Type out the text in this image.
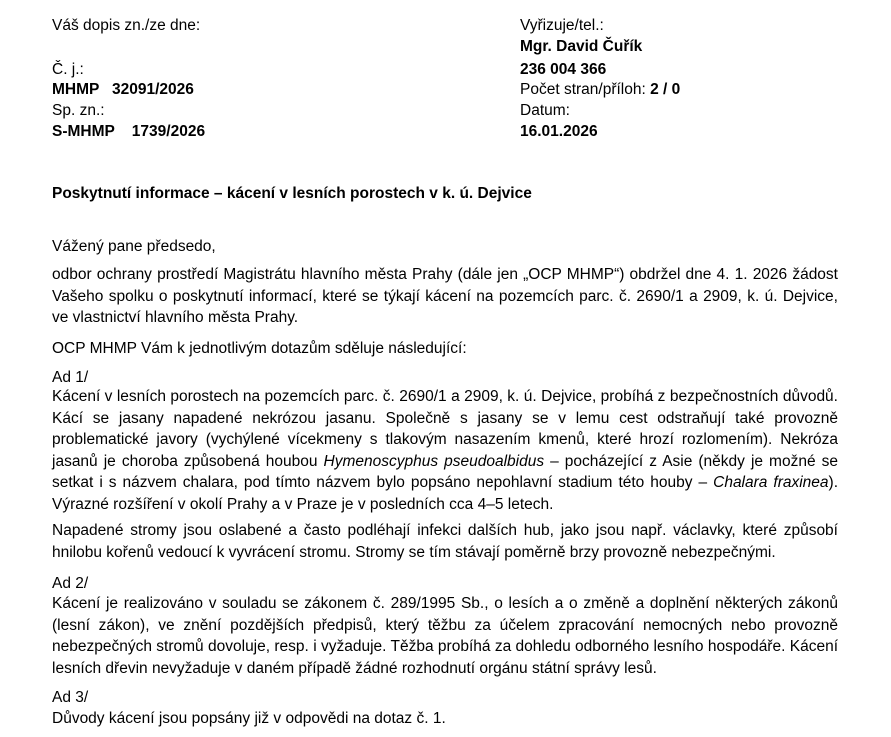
Váš dopis zn./ze dne:
Č. j.:
MHMP   32091/2026
Sp. zn.:
S-MHMP    1739/2026
Vyřizuje/tel.:
Mgr. David Čuřík
236 004 366
Počet stran/příloh: 2 / 0
Datum:
16.01.2026
Poskytnutí informace – kácení v lesních porostech v k. ú. Dejvice
Vážený pane předsedo,
odbor ochrany prostředí Magistrátu hlavního města Prahy (dále jen „OCP MHMP“) obdržel dne 4. 1. 2026 žádost Vašeho spolku o poskytnutí informací, které se týkají kácení na pozemcích parc. č. 2690/1 a 2909, k. ú. Dejvice, ve vlastnictví hlavního města Prahy.
OCP MHMP Vám k jednotlivým dotazům sděluje následující:
Ad 1/
Kácení v lesních porostech na pozemcích parc. č. 2690/1 a 2909, k. ú. Dejvice, probíhá z bezpečnostních důvodů. Kácí se jasany napadené nekrózou jasanu. Společně s jasany se v lemu cest odstraňují také provozně problematické javory (vychýlené vícekmeny s tlakovým nasazením kmenů, které hrozí rozlomením). Nekróza jasanů je choroba způsobená houbou Hymenoscyphus pseudoalbidus – pocházející z Asie (někdy je možné se setkat i s názvem chalara, pod tímto názvem bylo popsáno nepohlavní stadium této houby – Chalara fraxinea). Výrazné rozšíření v okolí Prahy a v Praze je v posledních cca 4–5 letech.
Napadené stromy jsou oslabené a často podléhají infekci dalších hub, jako jsou např. václavky, které způsobí hnilobu kořenů vedoucí k vyvrácení stromu. Stromy se tím stávají poměrně brzy provozně nebezpečnými.
Ad 2/
Kácení je realizováno v souladu se zákonem č. 289/1995 Sb., o lesích a o změně a doplnění některých zákonů (lesní zákon), ve znění pozdějších předpisů, který těžbu za účelem zpracování nemocných nebo provozně nebezpečných stromů dovoluje, resp. i vyžaduje. Těžba probíhá za dohledu odborného lesního hospodáře. Kácení lesních dřevin nevyžaduje v daném případě žádné rozhodnutí orgánu státní správy lesů.
Ad 3/
Důvody kácení jsou popsány již v odpovědi na dotaz č. 1.
